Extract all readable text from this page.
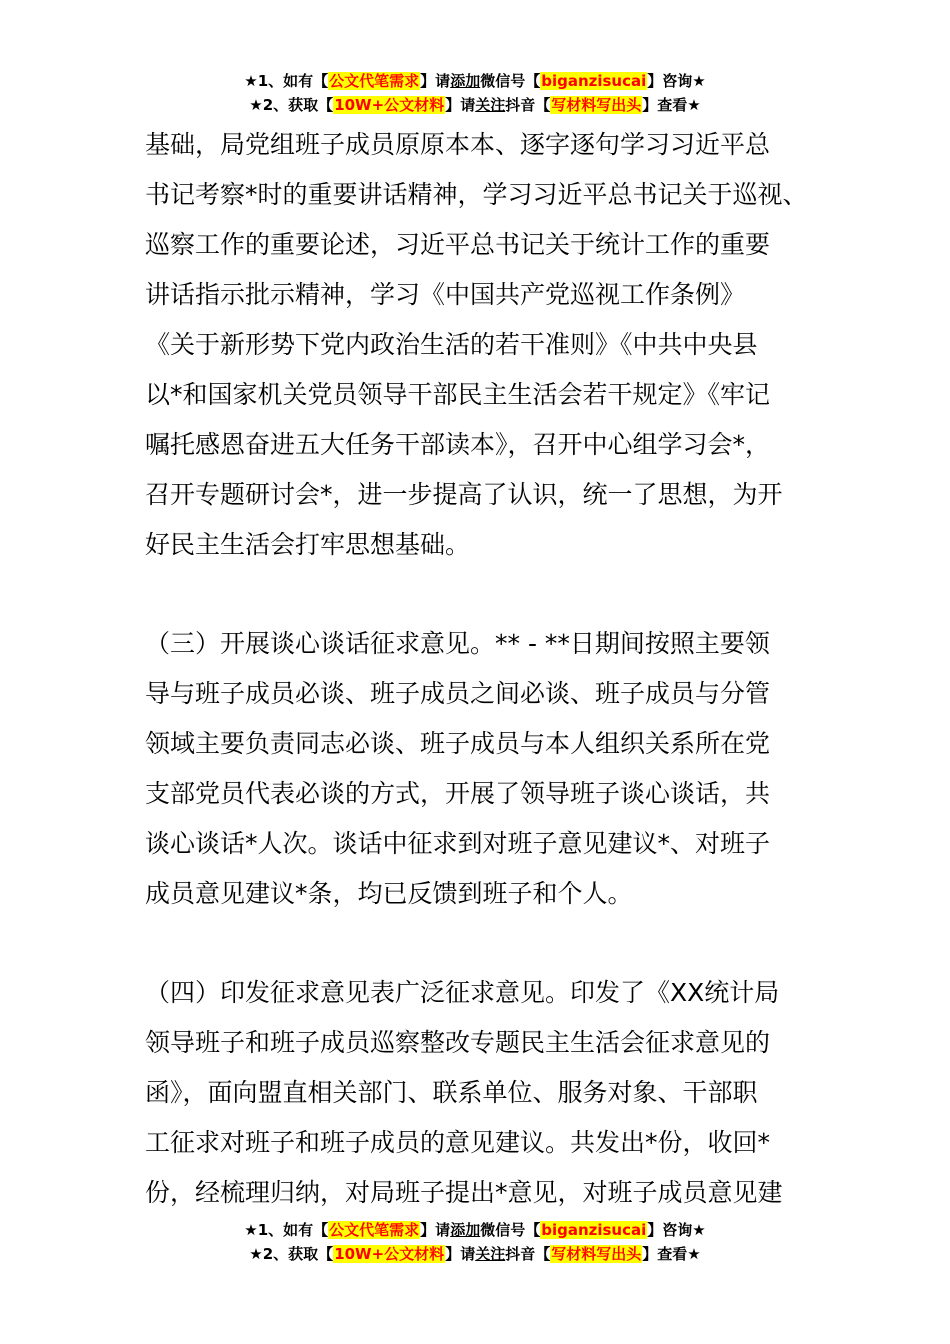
★1、如有【公文代笔需求】请添加微信号【biganzisucai】咨询★
★2、获取【10W+公文材料】请关注抖音【写材料写出头】查看★
基础，局党组班子成员原原本本、逐字逐句学习习近平总
书记考察*时的重要讲话精神，学习习近平总书记关于巡视、
巡察工作的重要论述，习近平总书记关于统计工作的重要
讲话指示批示精神，学习《中国共产党巡视工作条例》
《关于新形势下党内政治生活的若干准则》《中共中央县
以*和国家机关党员领导干部民主生活会若干规定》《牢记
嘱托感恩奋进五大任务干部读本》，召开中心组学习会*，
召开专题研讨会*，进一步提高了认识，统一了思想，为开
好民主生活会打牢思想基础。
（三）开展谈心谈话征求意见。** - **日期间按照主要领
导与班子成员必谈、班子成员之间必谈、班子成员与分管
领域主要负责同志必谈、班子成员与本人组织关系所在党
支部党员代表必谈的方式，开展了领导班子谈心谈话，共
谈心谈话*人次。谈话中征求到对班子意见建议*、对班子
成员意见建议*条，均已反馈到班子和个人。
（四）印发征求意见表广泛征求意见。印发了《XX统计局
领导班子和班子成员巡察整改专题民主生活会征求意见的
函》，面向盟直相关部门、联系单位、服务对象、干部职
工征求对班子和班子成员的意见建议。共发出*份，收回*
份，经梳理归纳，对局班子提出*意见，对班子成员意见建
★1、如有【公文代笔需求】请添加微信号【biganzisucai】咨询★
★2、获取【10W+公文材料】请关注抖音【写材料写出头】查看★
